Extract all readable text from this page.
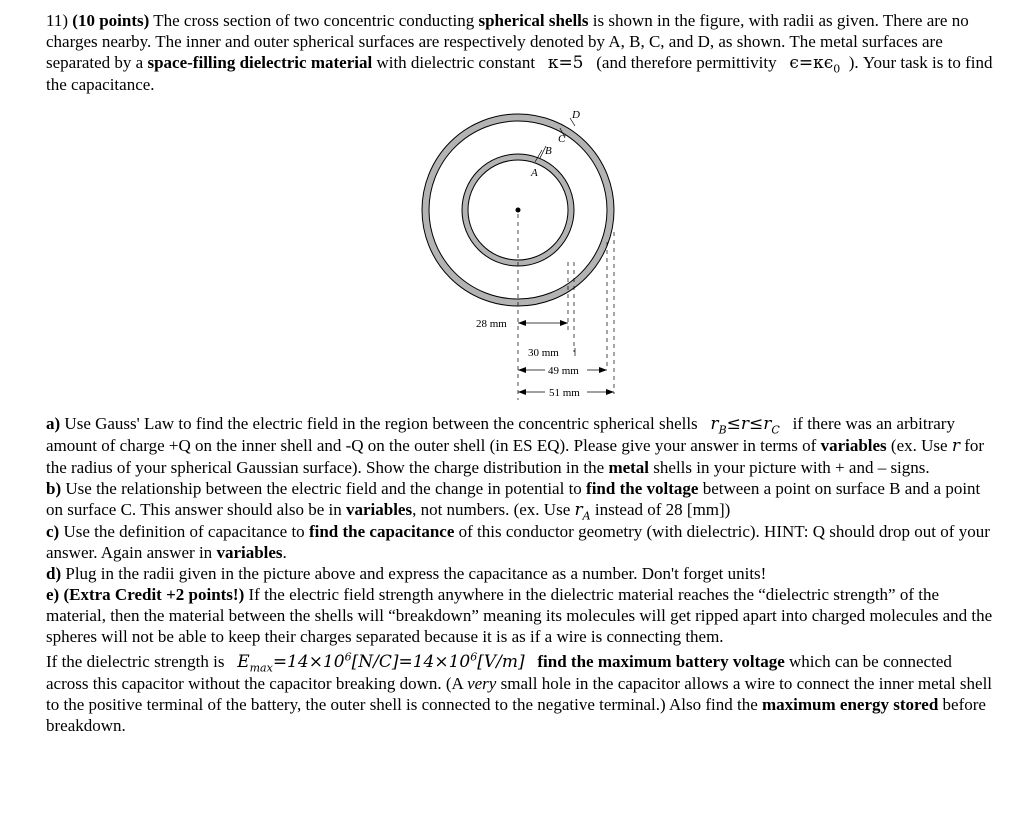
11) (10 points) The cross section of two concentric conducting spherical shells is shown in the figure, with radii as given. There are no charges nearby. The inner and outer spherical surfaces are respectively denoted by A, B, C, and D, as shown. The metal surfaces are separated by a space-filling dielectric material with dielectric constant κ=5 (and therefore permittivity $\epsilon=\kappa\epsilon_0$ ). Your task is to find the capacitance.

A
B
C
D
28 mm
30 mm
49 mm
51 mm

a) Use Gauss' Law to find the electric field in the region between the concentric spherical shells $r_B\le r\le r_C$ if there was an arbitrary amount of charge +Q on the inner shell and -Q on the outer shell (in ES EQ). Please give your answer in terms of variables (ex. Use r for the radius of your spherical Gaussian surface). Show the charge distribution in the metal shells in your picture with + and – signs.

b) Use the relationship between the electric field and the change in potential to find the voltage between a point on surface B and a point on surface C. This answer should also be in variables, not numbers. (ex. Use $r_A$ instead of 28 [mm])

c) Use the definition of capacitance to find the capacitance of this conductor geometry (with dielectric). HINT: Q should drop out of your answer. Again answer in variables.

d) Plug in the radii given in the picture above and express the capacitance as a number. Don't forget units!

e) (Extra Credit +2 points!) If the electric field strength anywhere in the dielectric material reaches the “dielectric strength” of the material, then the material between the shells will “breakdown” meaning its molecules will get ripped apart into charged molecules and the spheres will not be able to keep their charges separated because it is as if a wire is connecting them.

If the dielectric strength is $E_{max}=14\times 10^6[N/C]=14\times 10^6[V/m]$ find the maximum battery voltage which can be connected across this capacitor without the capacitor breaking down. (A very small hole in the capacitor allows a wire to connect the inner metal shell to the positive terminal of the battery, the outer shell is connected to the negative terminal.) Also find the maximum energy stored before breakdown.
